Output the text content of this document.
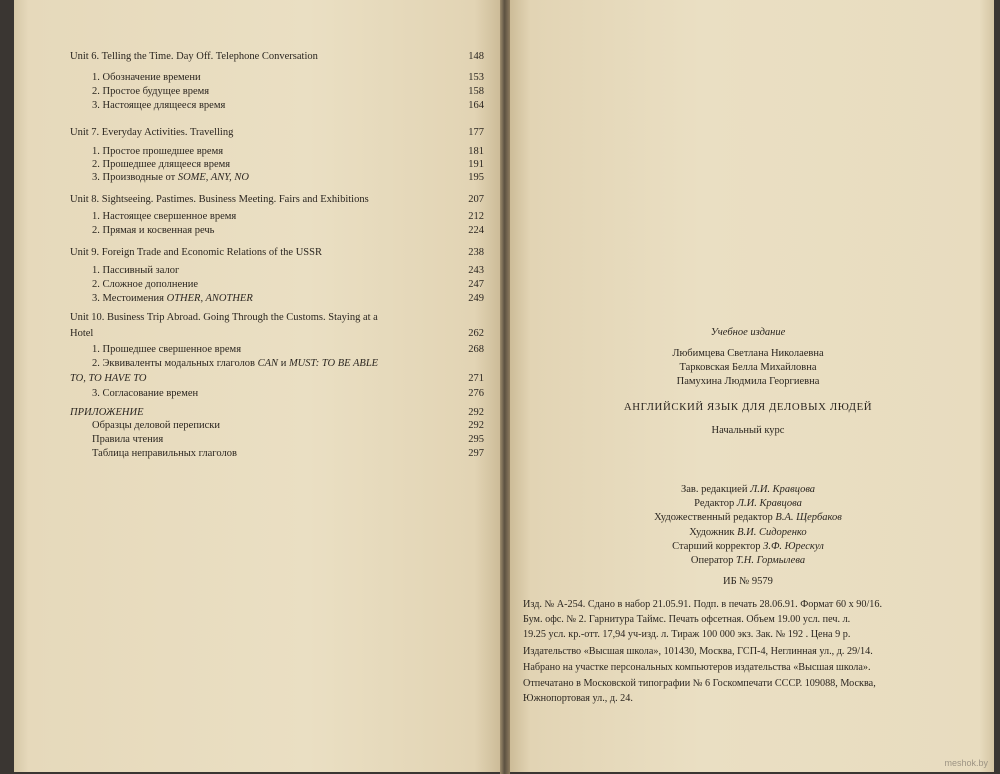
Unit 6. Telling the Time. Day Off. Telephone Conversation	148
1. Обозначение времени	153
2. Простое будущее время	158
3. Настоящее длящееся время	164
Unit 7. Everyday Activities. Travelling	177
1. Простое прошедшее время	181
2. Прошедшее длящееся время	191
3. Производные от SOME, ANY, NO	195
Unit 8. Sightseeing. Pastimes. Business Meeting. Fairs and Exhibitions	207
1. Настоящее свершенное время	212
2. Прямая и косвенная речь	224
Unit 9. Foreign Trade and Economic Relations of the USSR	238
1. Пассивный залог	243
2. Сложное дополнение	247
3. Местоимения OTHER, ANOTHER	249
Unit 10. Business Trip Abroad. Going Through the Customs. Staying at a
Hotel	262
1. Прошедшее свершенное время	268
2. Эквиваленты модальных глаголов CAN и MUST: TO BE ABLE
TO, TO HAVE TO	271
3. Согласование времен	276
ПРИЛОЖЕНИЕ	292
Образцы деловой переписки	292
Правила чтения	295
Таблица неправильных глаголов	297
Учебное издание
Любимцева Светлана Николаевна
Тарковская Белла Михайловна
Памухина Людмила Георгиевна
АНГЛИЙСКИЙ ЯЗЫК ДЛЯ ДЕЛОВЫХ ЛЮДЕЙ
Начальный курс
Зав. редакцией Л.И. Кравцова
Редактор Л.И. Кравцова
Художественный редактор В.А. Щербаков
Художник В.И. Сидоренко
Старший корректор З.Ф. Юрескул
Оператор Т.Н. Гормылева
ИБ № 9579
Изд. № А-254. Сдано в набор 21.05.91. Подп. в печать 28.06.91. Формат 60 х 90/16.
Бум. офс. № 2. Гарнитура Таймс. Печать офсетная. Объем 19.00 усл. печ. л.
19.25 усл. кр.-отт. 17,94 уч-изд. л. Тираж 100 000 экз. Зак. № 192 . Цена 9 р.
Издательство «Высшая школа», 101430, Москва, ГСП-4, Неглинная ул., д. 29/14.
Набрано на участке персональных компьютеров издательства «Высшая школа».
Отпечатано в Московской типографии № 6 Госкомпечати СССР. 109088, Москва,
Южнопортовая ул., д. 24.
meshok.by
